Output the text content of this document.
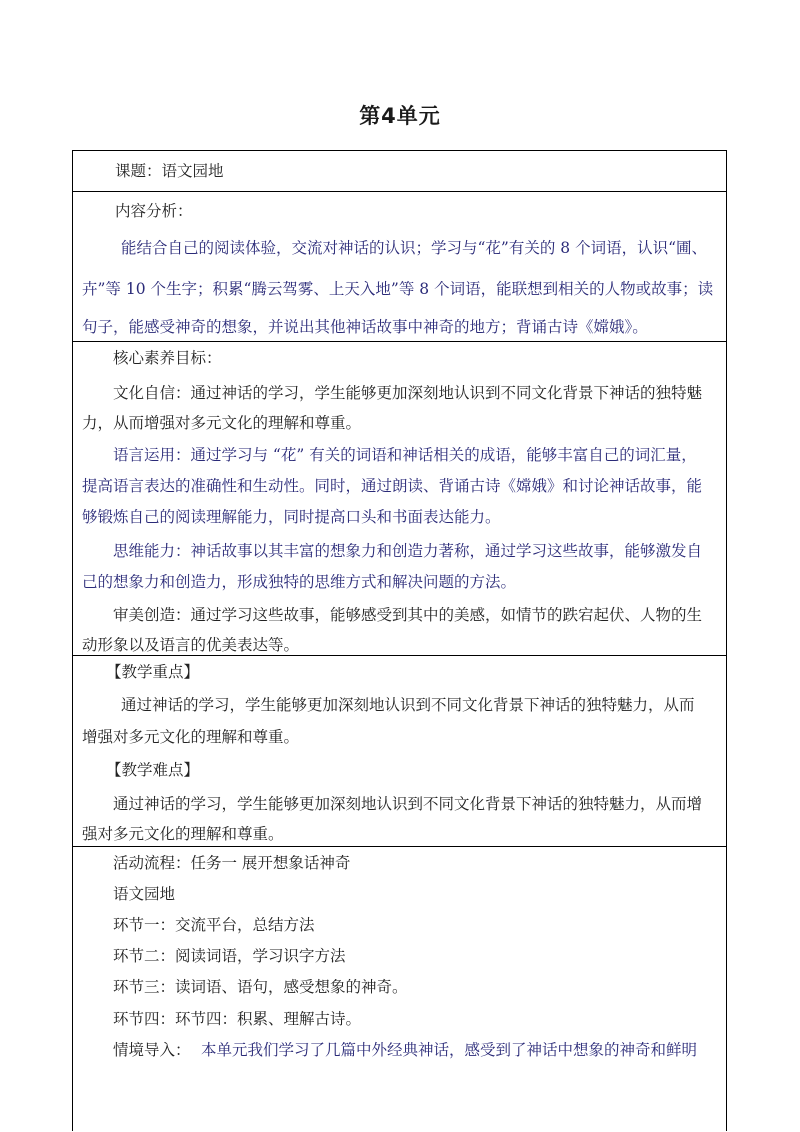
第4单元
课题：语文园地
内容分析：
能结合自己的阅读体验，交流对神话的认识；学习与“花”有关的 8 个词语，认识“圃、
卉”等 10 个生字；积累“腾云驾雾、上天入地”等 8 个词语，能联想到相关的人物或故事；读
句子，能感受神奇的想象，并说出其他神话故事中神奇的地方；背诵古诗《嫦娥》。
核心素养目标：
文化自信：通过神话的学习，学生能够更加深刻地认识到不同文化背景下神话的独特魅
力，从而增强对多元文化的理解和尊重。
语言运用：通过学习与 “花” 有关的词语和神话相关的成语，能够丰富自己的词汇量，
提高语言表达的准确性和生动性。同时，通过朗读、背诵古诗《嫦娥》和讨论神话故事，能
够锻炼自己的阅读理解能力，同时提高口头和书面表达能力。
思维能力：神话故事以其丰富的想象力和创造力著称，通过学习这些故事，能够激发自
己的想象力和创造力，形成独特的思维方式和解决问题的方法。
审美创造：通过学习这些故事，能够感受到其中的美感，如情节的跌宕起伏、人物的生
动形象以及语言的优美表达等。
【教学重点】
通过神话的学习，学生能够更加深刻地认识到不同文化背景下神话的独特魅力，从而
增强对多元文化的理解和尊重。
【教学难点】
通过神话的学习，学生能够更加深刻地认识到不同文化背景下神话的独特魅力，从而增
强对多元文化的理解和尊重。
活动流程：任务一 展开想象话神奇
语文园地
环节一：交流平台，总结方法
环节二：阅读词语，学习识字方法
环节三：读词语、语句，感受想象的神奇。
环节四：环节四：积累、理解古诗。
情境导入： 本单元我们学习了几篇中外经典神话，感受到了神话中想象的神奇和鲜明
